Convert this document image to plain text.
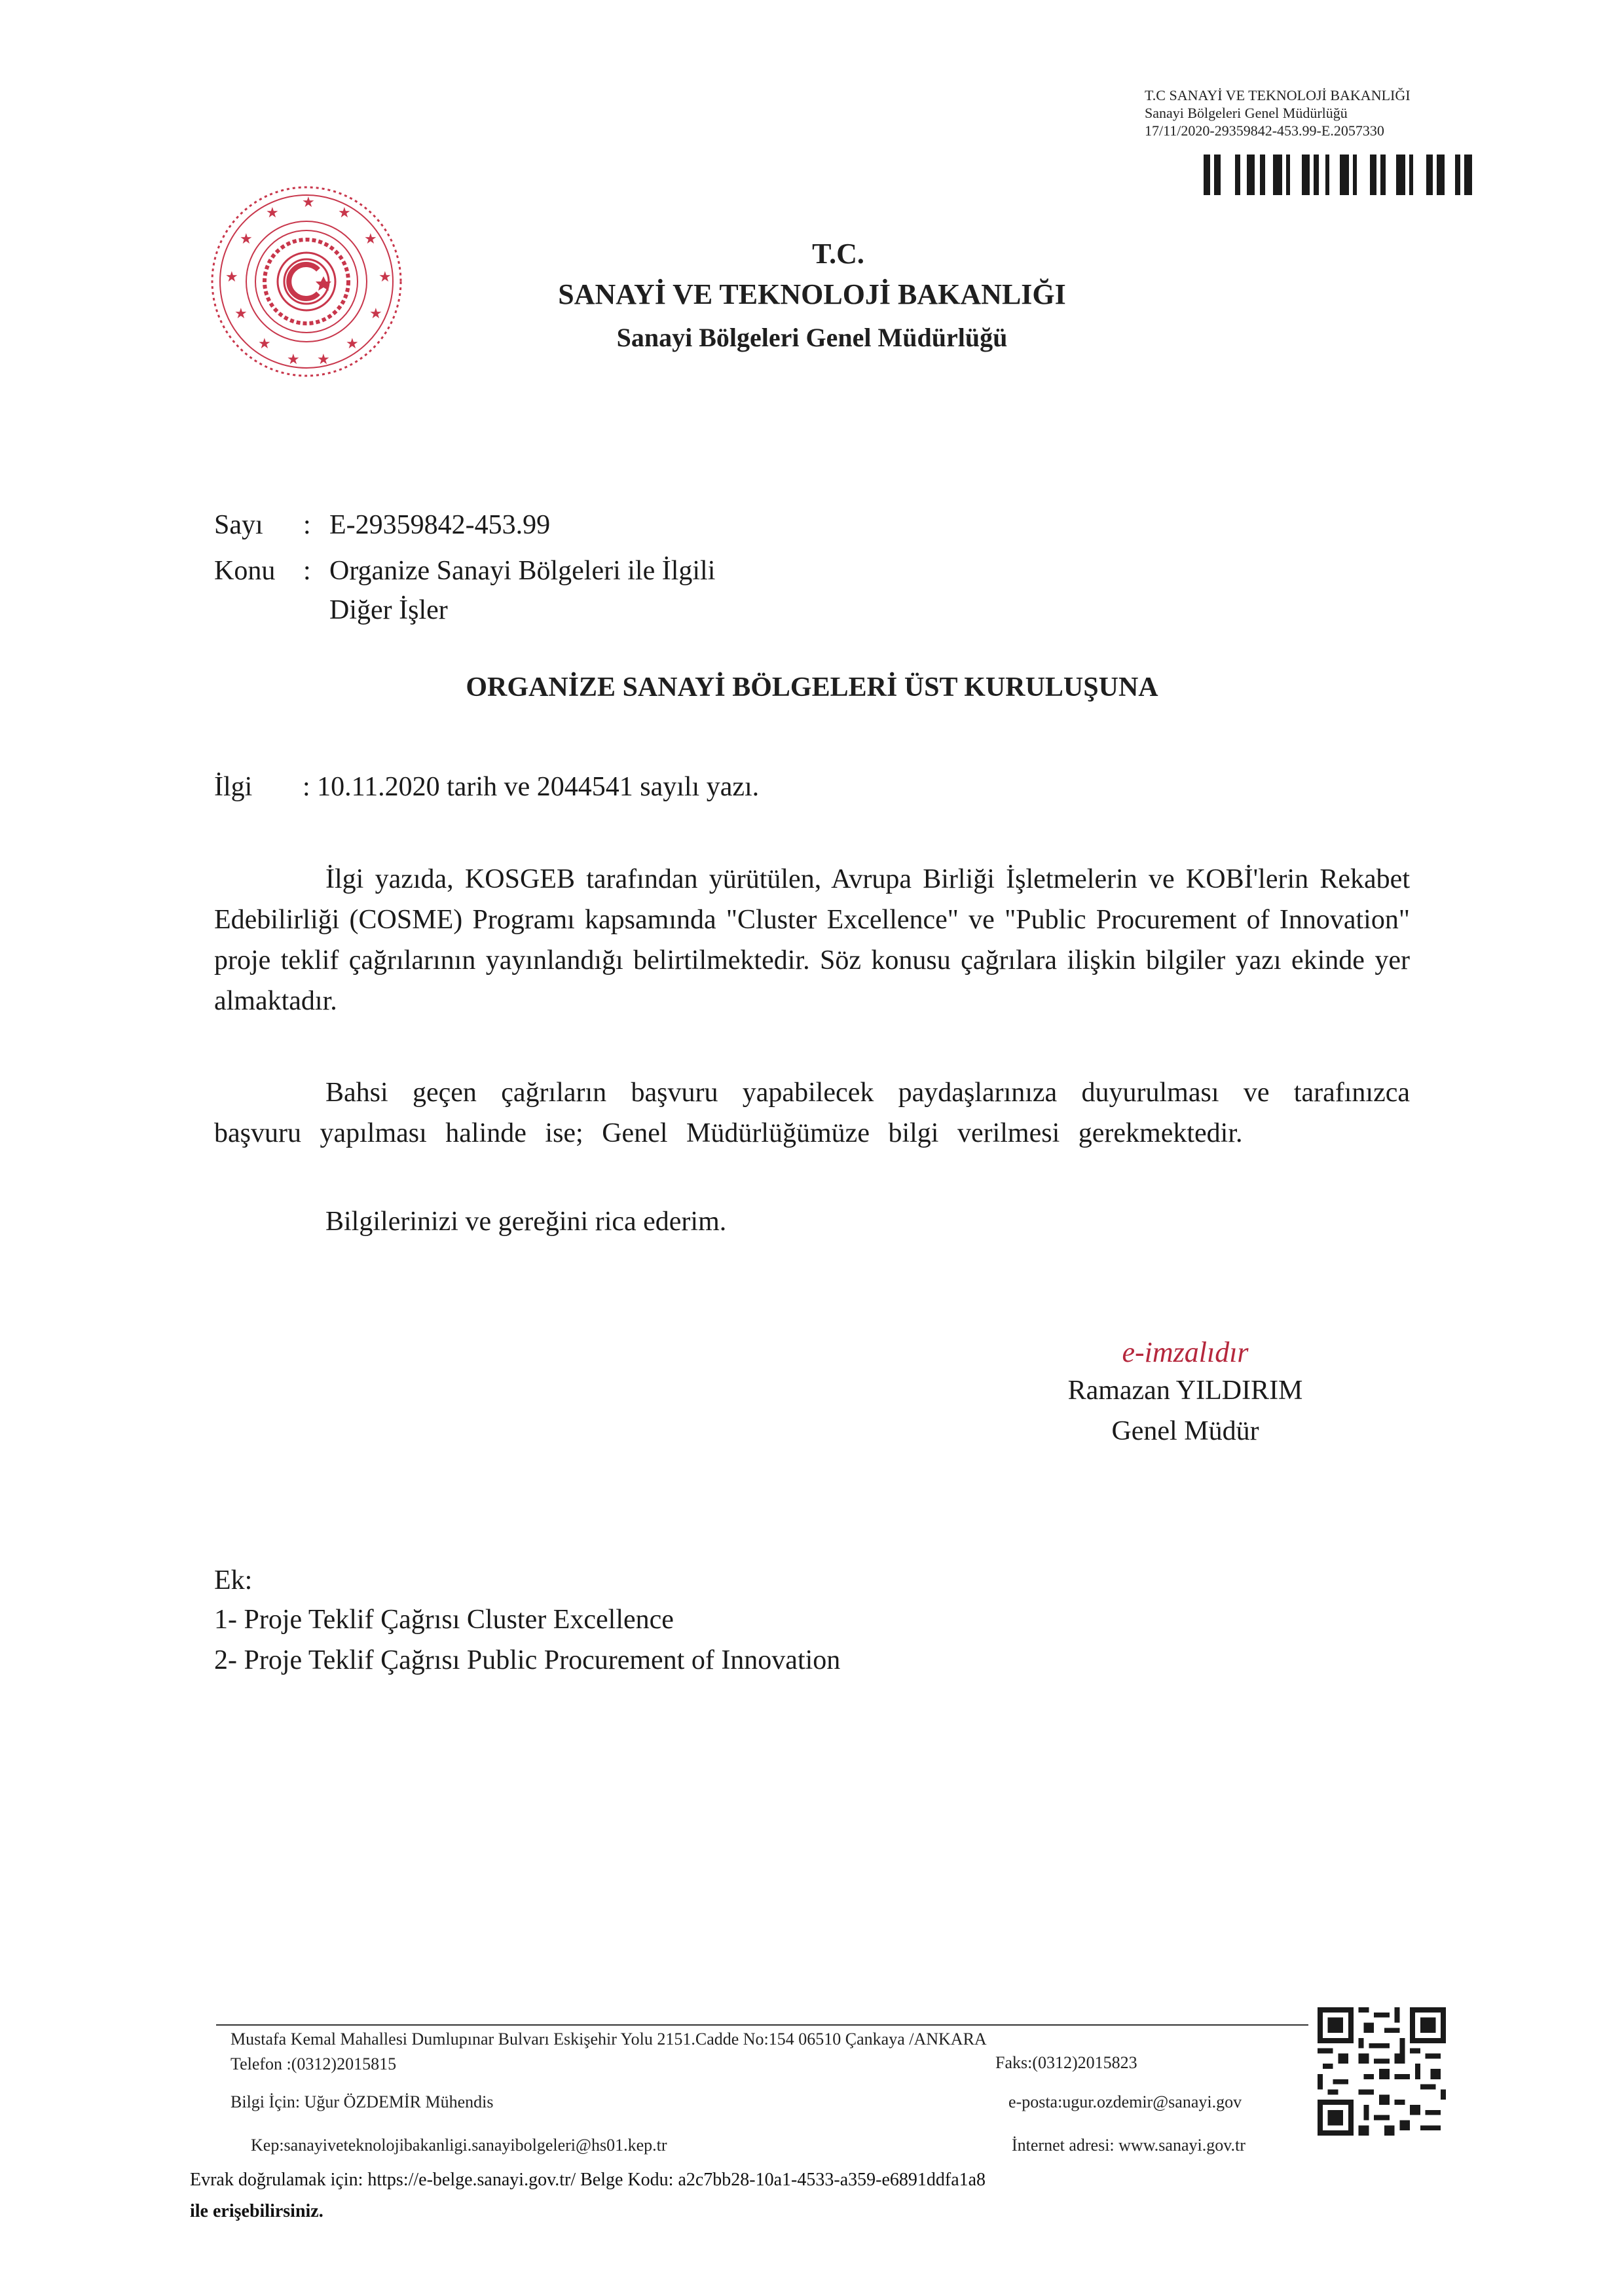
T.C SANAYİ VE TEKNOLOJİ BAKANLIĞI
Sanayi Bölgeleri Genel Müdürlüğü
17/11/2020-29359842-453.99-E.2057330
★
★	★
★	★
★	★
★	★
★	★
★ ★
T.C.
SANAYİ VE TEKNOLOJİ BAKANLIĞI
Sanayi Bölgeleri Genel Müdürlüğü
Sayı : E-29359842-453.99
Konu : Organize Sanayi Bölgeleri ile İlgili
Diğer İşler
ORGANİZE SANAYİ BÖLGELERİ ÜST KURULUŞUNA
İlgi : 10.11.2020 tarih ve 2044541 sayılı yazı.
İlgi yazıda, KOSGEB tarafından yürütülen, Avrupa Birliği İşletmelerin ve KOBİ'lerin Rekabet Edebilirliği (COSME) Programı kapsamında "Cluster Excellence" ve "Public Procurement of Innovation" proje teklif çağrılarının yayınlandığı belirtilmektedir. Söz konusu çağrılara ilişkin bilgiler yazı ekinde yer almaktadır.
Bahsi geçen çağrıların başvuru yapabilecek paydaşlarınıza duyurulması ve tarafınızca başvuru yapılması halinde ise; Genel Müdürlüğümüze bilgi verilmesi gerekmektedir.
Bilgilerinizi ve gereğini rica ederim.
e-imzalıdır
Ramazan YILDIRIM
Genel Müdür
Ek:
1- Proje Teklif Çağrısı Cluster Excellence
2- Proje Teklif Çağrısı Public Procurement of Innovation
Mustafa Kemal Mahallesi Dumlupınar Bulvarı Eskişehir Yolu 2151.Cadde No:154 06510 Çankaya /ANKARA
Telefon :(0312)2015815	Faks:(0312)2015823
Bilgi İçin: Uğur ÖZDEMİR Mühendis	e-posta:ugur.ozdemir@sanayi.gov
Kep:sanayiveteknolojibakanligi.sanayibolgeleri@hs01.kep.tr	İnternet adresi: www.sanayi.gov.tr
Evrak doğrulamak için: https://e-belge.sanayi.gov.tr/ Belge Kodu: a2c7bb28-10a1-4533-a359-e6891ddfa1a8
ile erişebilirsiniz.
